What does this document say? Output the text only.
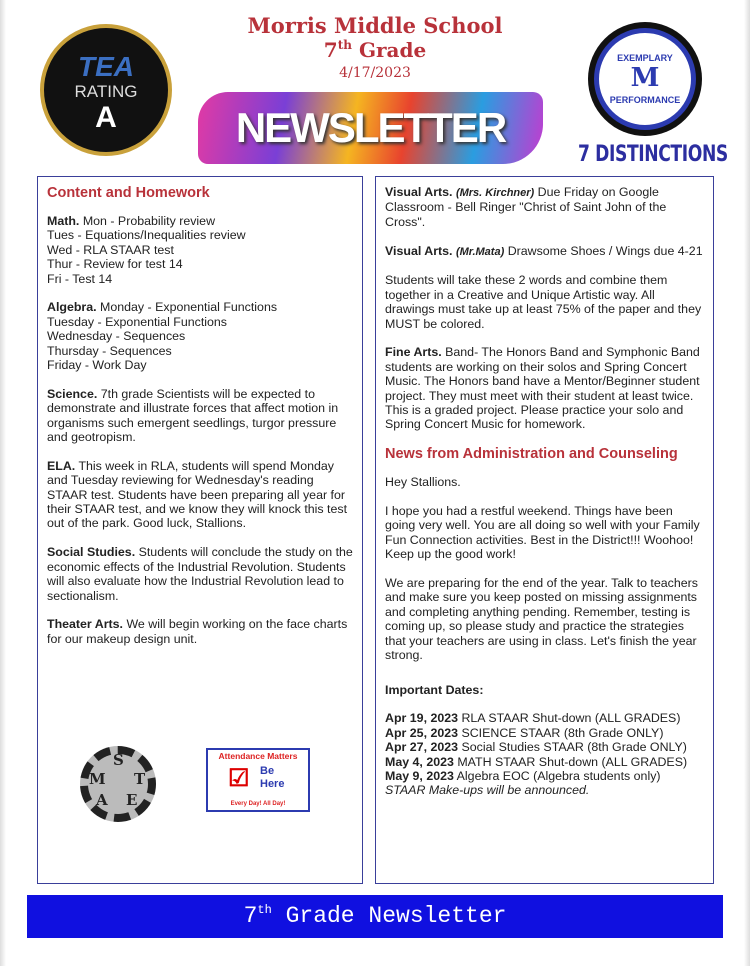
TEA
RATING
A
Morris Middle School
7th Grade
4/17/2023
NEWSLETTER
EXEMPLARY
M
PERFORMANCE
7 DISTINCTIONS
Content and Homework

Math. Mon - Probability review
Tues - Equations/Inequalities review
Wed - RLA STAAR test
Thur - Review for test 14
Fri - Test 14

Algebra. Monday - Exponential Functions
Tuesday - Exponential Functions
Wednesday - Sequences
Thursday - Sequences
Friday - Work Day

Science. 7th grade Scientists will be expected to demonstrate and illustrate forces that affect motion in organisms such emergent seedlings, turgor pressure and geotropism.

ELA. This week in RLA, students will spend Monday and Tuesday reviewing for Wednesday's reading STAAR test. Students have been preparing all year for their STAAR test, and we know they will knock this test out of the park. Good luck, Stallions.

Social Studies. Students will conclude the study on the economic effects of the Industrial Revolution. Students will also evaluate how the Industrial Revolution lead to sectionalism.

Theater Arts. We will begin working on the face charts for our makeup design unit.

S
M T
A E
Attendance Matters
☑ Be
Here
Every Day! All Day!

Visual Arts. (Mrs. Kirchner) Due Friday on Google Classroom - Bell Ringer "Christ of Saint John of the Cross".

Visual Arts. (Mr.Mata) Drawsome Shoes / Wings due 4-21

Students will take these 2 words and combine them together in a Creative and Unique Artistic way. All drawings must take up at least 75% of the paper and they MUST be colored.

Fine Arts. Band- The Honors Band and Symphonic Band students are working on their solos and Spring Concert Music. The Honors band have a Mentor/Beginner student project. They must meet with their student at least twice. This is a graded project. Please practice your solo and Spring Concert Music for homework.

News from Administration and Counseling

Hey Stallions.

I hope you had a restful weekend. Things have been going very well. You are all doing so well with your Family Fun Connection activities. Best in the District!!! Woohoo! Keep up the good work!

We are preparing for the end of the year. Talk to teachers and make sure you keep posted on missing assignments and completing anything pending. Remember, testing is coming up, so please study and practice the strategies that your teachers are using in class. Let's finish the year strong.

Important Dates:

Apr 19, 2023 RLA STAAR Shut-down (ALL GRADES)
Apr 25, 2023 SCIENCE STAAR (8th Grade ONLY)
Apr 27, 2023 Social Studies STAAR (8th Grade ONLY)
May 4, 2023 MATH STAAR Shut-down (ALL GRADES)
May 9, 2023 Algebra EOC (Algebra students only)
STAAR Make-ups will be announced.
7th Grade Newsletter
